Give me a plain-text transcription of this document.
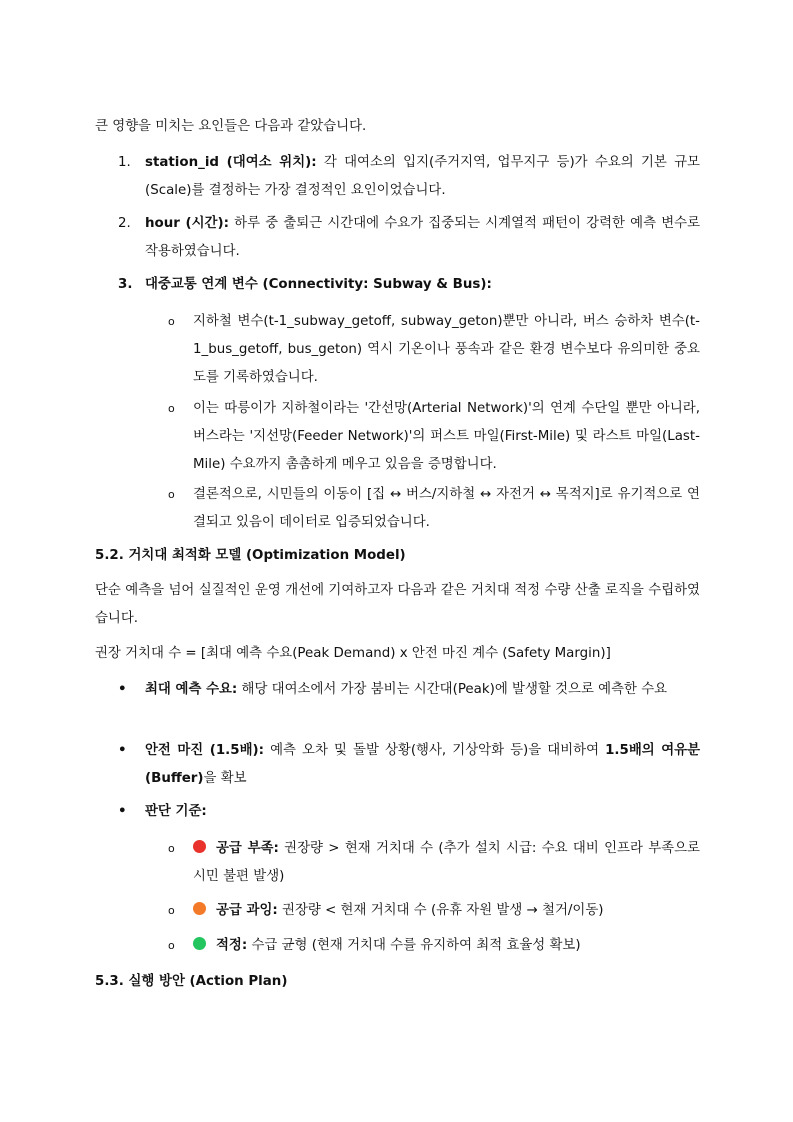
큰 영향을 미치는 요인들은 다음과 같았습니다.

1.	station_id (대여소 위치): 각 대여소의 입지(주거지역, 업무지구 등)가 수요의 기본 규모(Scale)를 결정하는 가장 결정적인 요인이었습니다.
2.	hour (시간): 하루 중 출퇴근 시간대에 수요가 집중되는 시계열적 패턴이 강력한 예측 변수로 작용하였습니다.
3. 대중교통 연계 변수 (Connectivity: Subway & Bus):
o 지하철 변수(t-1_subway_getoff, subway_geton)뿐만 아니라, 버스 승하차 변수(t-1_bus_getoff, bus_geton) 역시 기온이나 풍속과 같은 환경 변수보다 유의미한 중요도를 기록하였습니다.
o 이는 따릉이가 지하철이라는 '간선망(Arterial Network)'의 연계 수단일 뿐만 아니라, 버스라는 '지선망(Feeder Network)'의 퍼스트 마일(First-Mile) 및 라스트 마일(Last-Mile) 수요까지 촘촘하게 메우고 있음을 증명합니다.
o 결론적으로, 시민들의 이동이 [집 ↔ 버스/지하철 ↔ 자전거 ↔ 목적지]로 유기적으로 연결되고 있음이 데이터로 입증되었습니다.
5.2. 거치대 최적화 모델 (Optimization Model)

단순 예측을 넘어 실질적인 운영 개선에 기여하고자 다음과 같은 거치대 적정 수량 산출 로직을 수립하였습니다.

권장 거치대 수 = [최대 예측 수요(Peak Demand) x 안전 마진 계수 (Safety Margin)]

• 최대 예측 수요: 해당 대여소에서 가장 붐비는 시간대(Peak)에 발생할 것으로 예측한 수요
• 안전 마진 (1.5배): 예측 오차 및 돌발 상황(행사, 기상악화 등)을 대비하여 1.5배의 여유분(Buffer)을 확보
• 판단 기준:
o	공급 부족: 권장량 > 현재 거치대 수 (추가 설치 시급: 수요 대비 인프라 부족으로 시민 불편 발생)
o	공급 과잉: 권장량 < 현재 거치대 수 (유휴 자원 발생 → 철거/이동)
o	적정: 수급 균형 (현재 거치대 수를 유지하여 최적 효율성 확보)
5.3. 실행 방안 (Action Plan)
